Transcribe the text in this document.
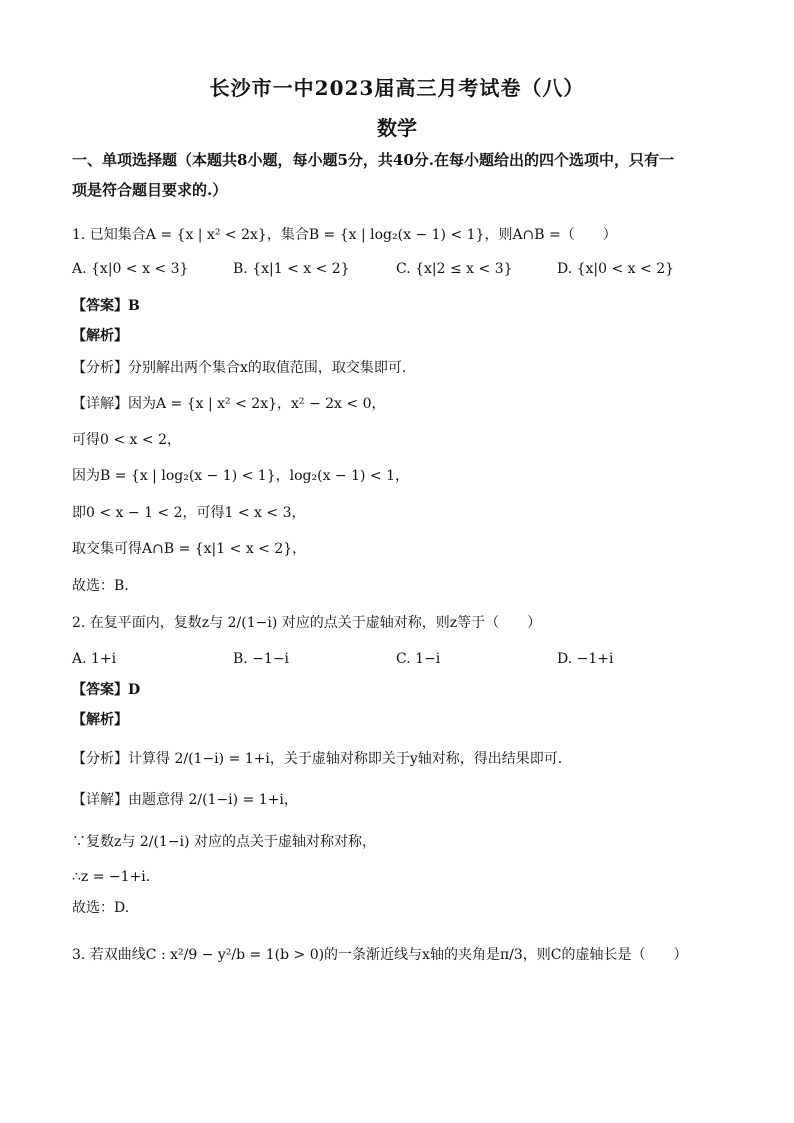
长沙市一中2023届高三月考试卷（八）
数学
一、单项选择题（本题共8小题，每小题5分，共40分.在每小题给出的四个选项中，只有一
项是符合题目要求的.）
1. 已知集合A = {x | x² < 2x}，集合B = {x | log₂(x − 1) < 1}，则A∩B =（　　）
A. {x|0 < x < 3}	B. {x|1 < x < 2}	C. {x|2 ≤ x < 3}	D. {x|0 < x < 2}
【答案】B
【解析】
【分析】分别解出两个集合x的取值范围，取交集即可.
【详解】因为A = {x | x² < 2x}，x² − 2x < 0，
可得0 < x < 2，
因为B = {x | log₂(x − 1) < 1}，log₂(x − 1) < 1，
即0 < x − 1 < 2，可得1 < x < 3，
取交集可得A∩B = {x|1 < x < 2}，
故选：B.
2. 在复平面内，复数z与 2/(1−i) 对应的点关于虚轴对称，则z等于（　　）
A. 1+i	B. −1−i	C. 1−i	D. −1+i
【答案】D
【解析】
【分析】计算得 2/(1−i) = 1+i，关于虚轴对称即关于y轴对称，得出结果即可.
【详解】由题意得 2/(1−i) = 1+i，
∵复数z与 2/(1−i) 对应的点关于虚轴对称对称，
∴z = −1+i.
故选：D.
3. 若双曲线C : x²/9 − y²/b = 1(b > 0)的一条渐近线与x轴的夹角是π/3，则C的虚轴长是（　　）
